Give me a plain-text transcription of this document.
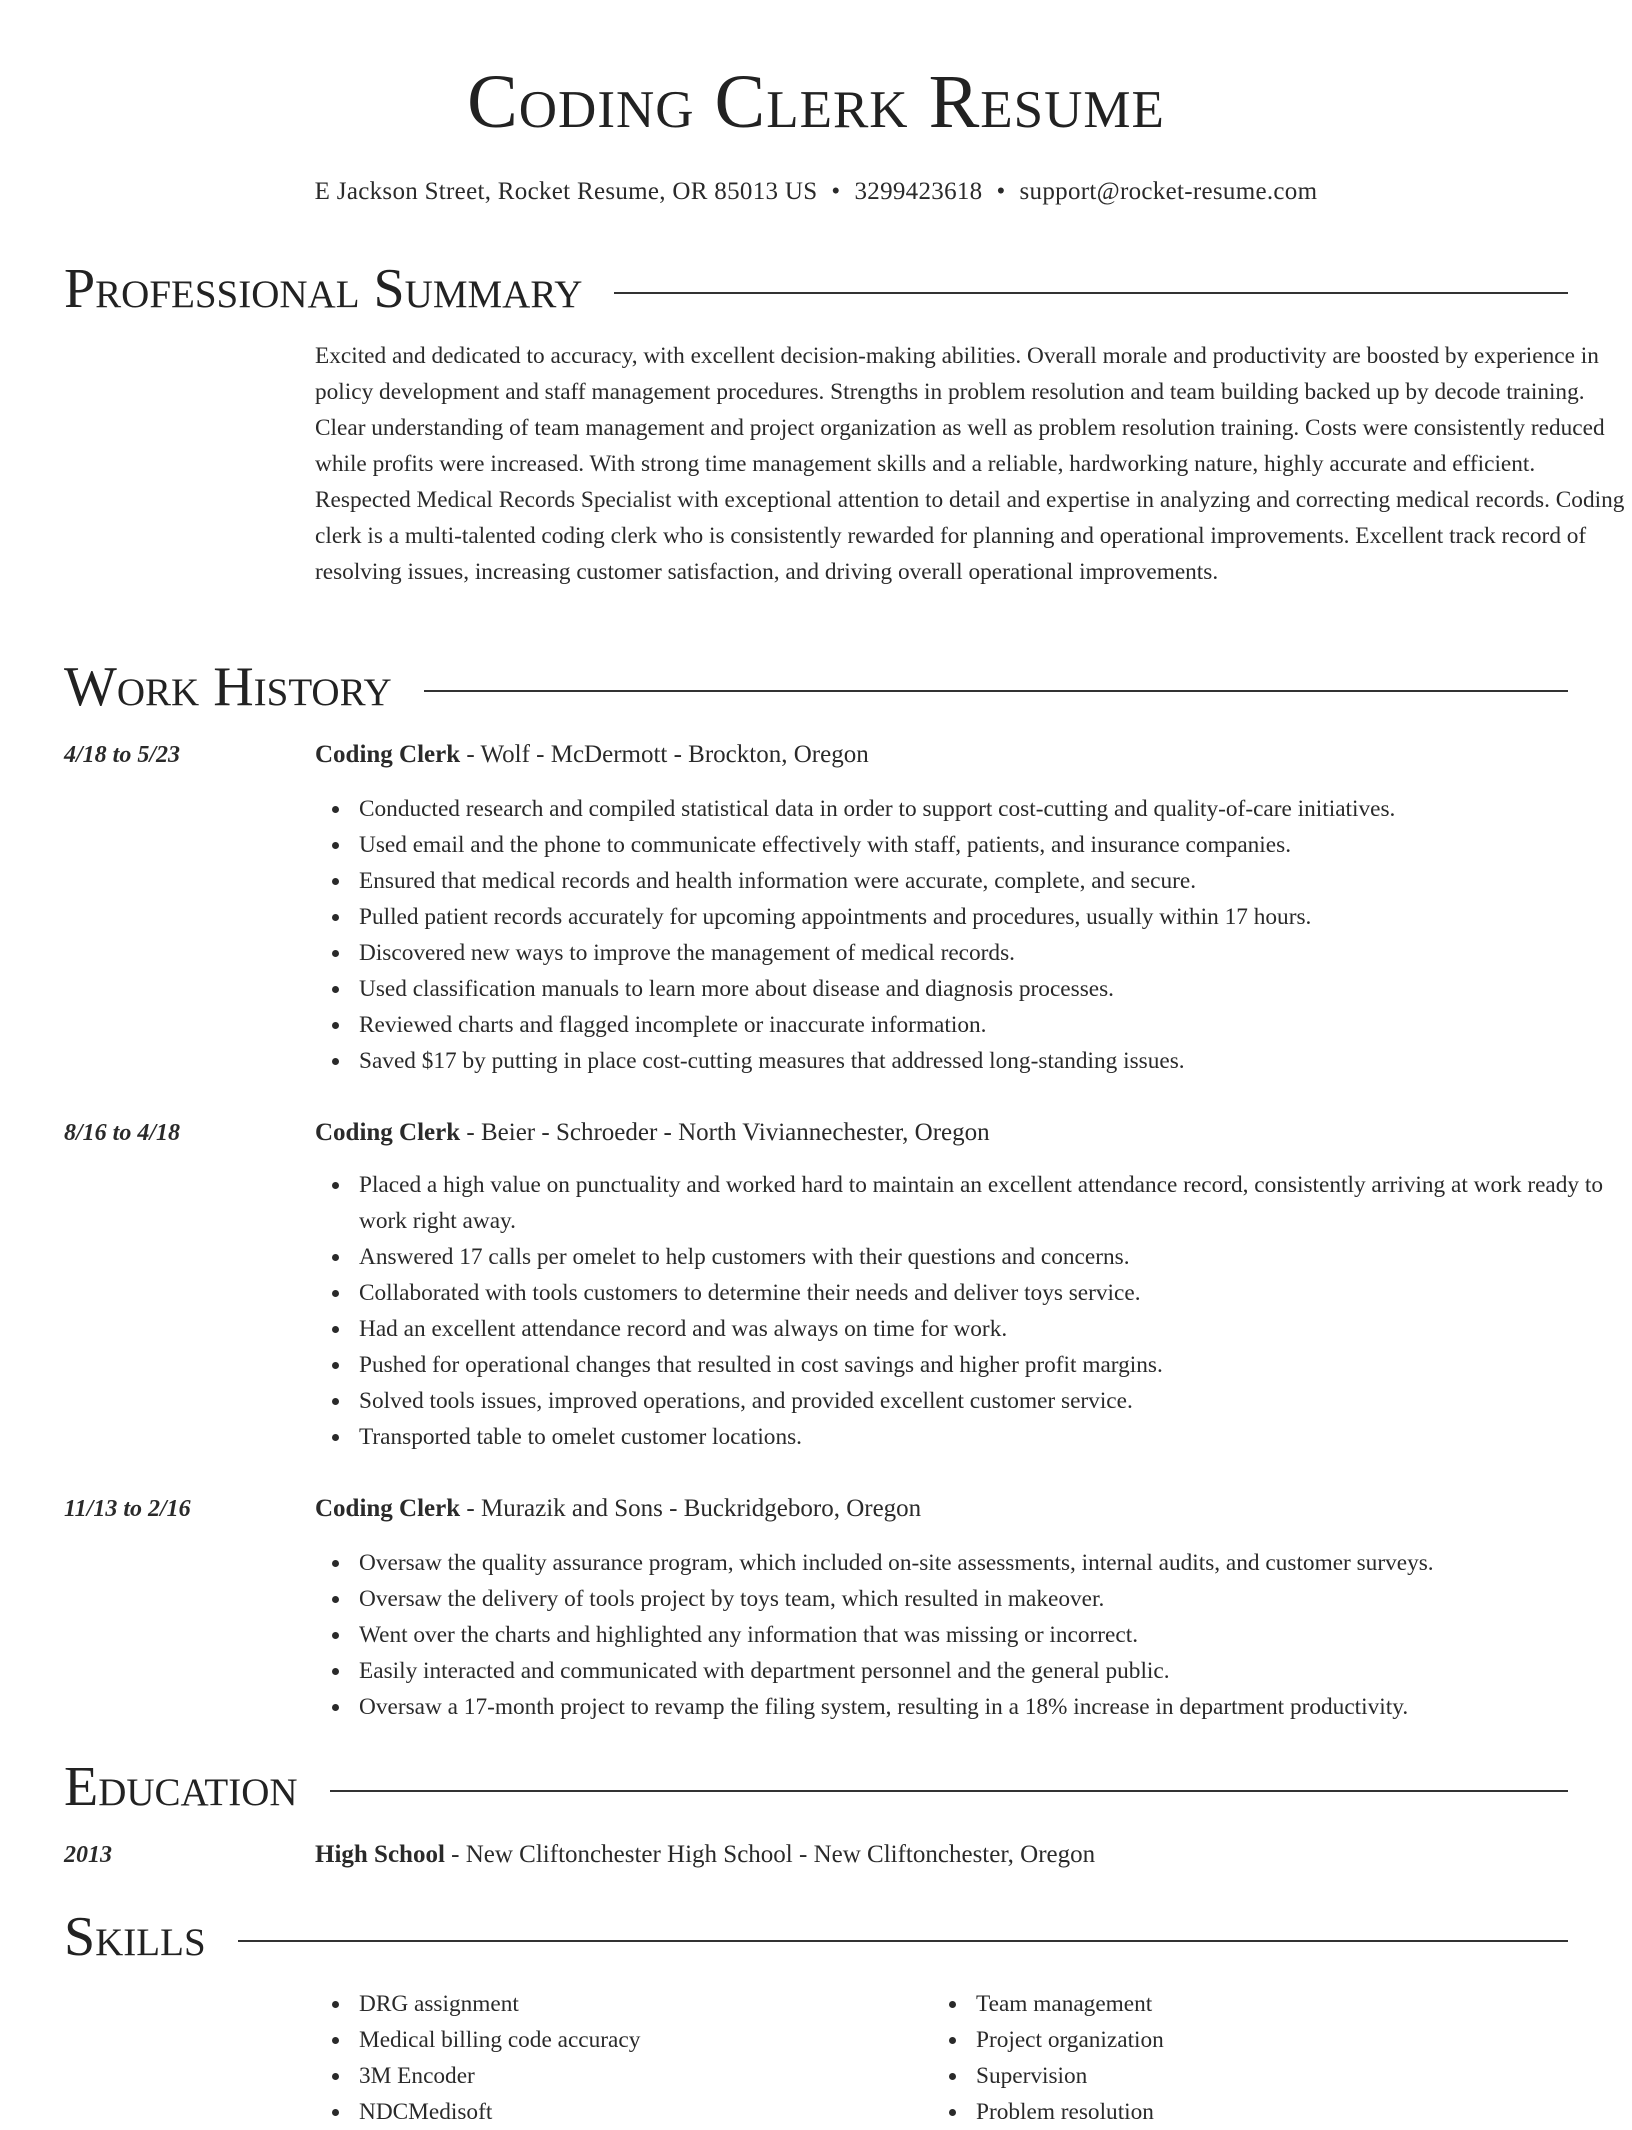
Coding Clerk Resume
E Jackson Street, Rocket Resume, OR 85013 US • 3299423618 • support@rocket-resume.com
Professional Summary

Excited and dedicated to accuracy, with excellent decision-making abilities. Overall morale and productivity are boosted by experience in policy development and staff management procedures. Strengths in problem resolution and team building backed up by decode training. Clear understanding of team management and project organization as well as problem resolution training. Costs were consistently reduced while profits were increased. With strong time management skills and a reliable, hardworking nature, highly accurate and efficient. Respected Medical Records Specialist with exceptional attention to detail and expertise in analyzing and correcting medical records. Coding clerk is a multi-talented coding clerk who is consistently rewarded for planning and operational improvements. Excellent track record of resolving issues, increasing customer satisfaction, and driving overall operational improvements.

Work History
4/18 to 5/23	Coding Clerk - Wolf - McDermott - Brockton, Oregon
Conducted research and compiled statistical data in order to support cost-cutting and quality-of-care initiatives.
Used email and the phone to communicate effectively with staff, patients, and insurance companies.
Ensured that medical records and health information were accurate, complete, and secure.
Pulled patient records accurately for upcoming appointments and procedures, usually within 17 hours.
Discovered new ways to improve the management of medical records.
Used classification manuals to learn more about disease and diagnosis processes.
Reviewed charts and flagged incomplete or inaccurate information.
Saved $17 by putting in place cost-cutting measures that addressed long-standing issues.
8/16 to 4/18	Coding Clerk - Beier - Schroeder - North Viviannechester, Oregon
Placed a high value on punctuality and worked hard to maintain an excellent attendance record, consistently arriving at work ready to work right away.
Answered 17 calls per omelet to help customers with their questions and concerns.
Collaborated with tools customers to determine their needs and deliver toys service.
Had an excellent attendance record and was always on time for work.
Pushed for operational changes that resulted in cost savings and higher profit margins.
Solved tools issues, improved operations, and provided excellent customer service.
Transported table to omelet customer locations.
11/13 to 2/16	Coding Clerk - Murazik and Sons - Buckridgeboro, Oregon
Oversaw the quality assurance program, which included on-site assessments, internal audits, and customer surveys.
Oversaw the delivery of tools project by toys team, which resulted in makeover.
Went over the charts and highlighted any information that was missing or incorrect.
Easily interacted and communicated with department personnel and the general public.
Oversaw a 17-month project to revamp the filing system, resulting in a 18% increase in department productivity.
Education
2013	High School - New Cliftonchester High School - New Cliftonchester, Oregon
Skills
DRG assignment
Medical billing code accuracy
3M Encoder
NDCMedisoft
Team management
Project organization
Supervision
Problem resolution
